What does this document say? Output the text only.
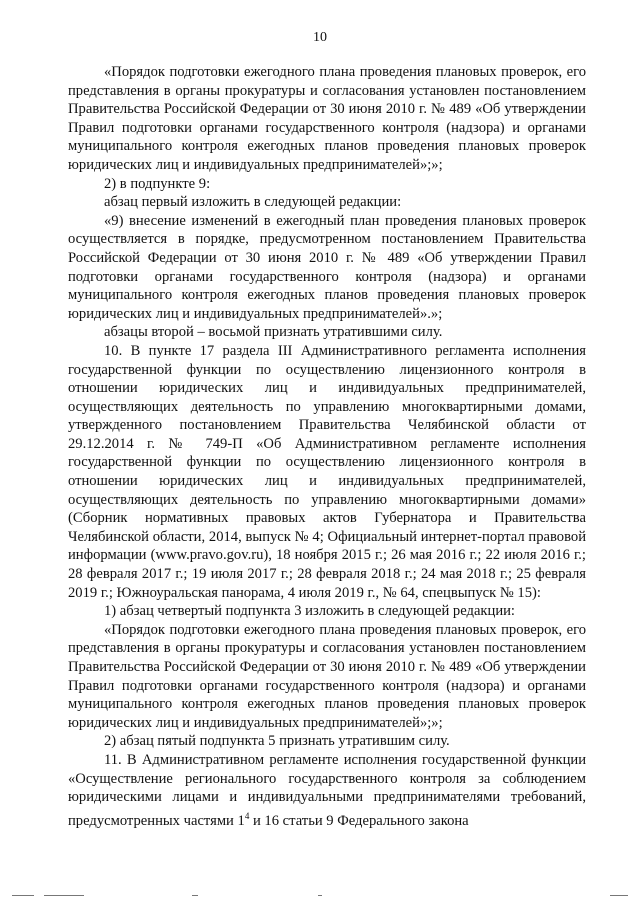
10

«Порядок подготовки ежегодного плана проведения плановых проверок, его представления в органы прокуратуры и согласования установлен постановлением Правительства Российской Федерации от 30 июня 2010 г. № 489 «Об утверждении Правил подготовки органами государственного контроля (надзора) и органами муниципального контроля ежегодных планов проведения плановых проверок юридических лиц и индивидуальных предпринимателей»;»;

2) в подпункте 9:

абзац первый изложить в следующей редакции:

«9) внесение изменений в ежегодный план проведения плановых проверок осуществляется в порядке, предусмотренном постановлением Правительства Российской Федерации от 30 июня 2010 г. № 489 «Об утверждении Правил подготовки органами государственного контроля (надзора) и органами муниципального контроля ежегодных планов проведения плановых проверок юридических лиц и индивидуальных предпринимателей».»;

абзацы второй – восьмой признать утратившими силу.

10. В пункте 17 раздела III Административного регламента исполнения государственной функции по осуществлению лицензионного контроля в отношении юридических лиц и индивидуальных предпринимателей, осуществляющих деятельность по управлению многоквартирными домами, утвержденного постановлением Правительства Челябинской области от 29.12.2014 г. № 749-П «Об Административном регламенте исполнения государственной функции по осуществлению лицензионного контроля в отношении юридических лиц и индивидуальных предпринимателей, осуществляющих деятельность по управлению многоквартирными домами» (Сборник нормативных правовых актов Губернатора и Правительства Челябинской области, 2014, выпуск № 4; Официальный интернет-портал правовой информации (www.pravo.gov.ru), 18 ноября 2015 г.; 26 мая 2016 г.; 22 июля 2016 г.; 28 февраля 2017 г.; 19 июля 2017 г.; 28 февраля 2018 г.; 24 мая 2018 г.; 25 февраля 2019 г.; Южноуральская панорама, 4 июля 2019 г., № 64, спецвыпуск № 15):

1) абзац четвертый подпункта 3 изложить в следующей редакции:

«Порядок подготовки ежегодного плана проведения плановых проверок, его представления в органы прокуратуры и согласования установлен постановлением Правительства Российской Федерации от 30 июня 2010 г. № 489 «Об утверждении Правил подготовки органами государственного контроля (надзора) и органами муниципального контроля ежегодных планов проведения плановых проверок юридических лиц и индивидуальных предпринимателей»;»;

2) абзац пятый подпункта 5 признать утратившим силу.

11. В Административном регламенте исполнения государственной функции «Осуществление регионального государственного контроля за соблюдением юридическими лицами и индивидуальными предпринимателями требований, предусмотренных частями $1^4$ и 16 статьи 9 Федерального закона
